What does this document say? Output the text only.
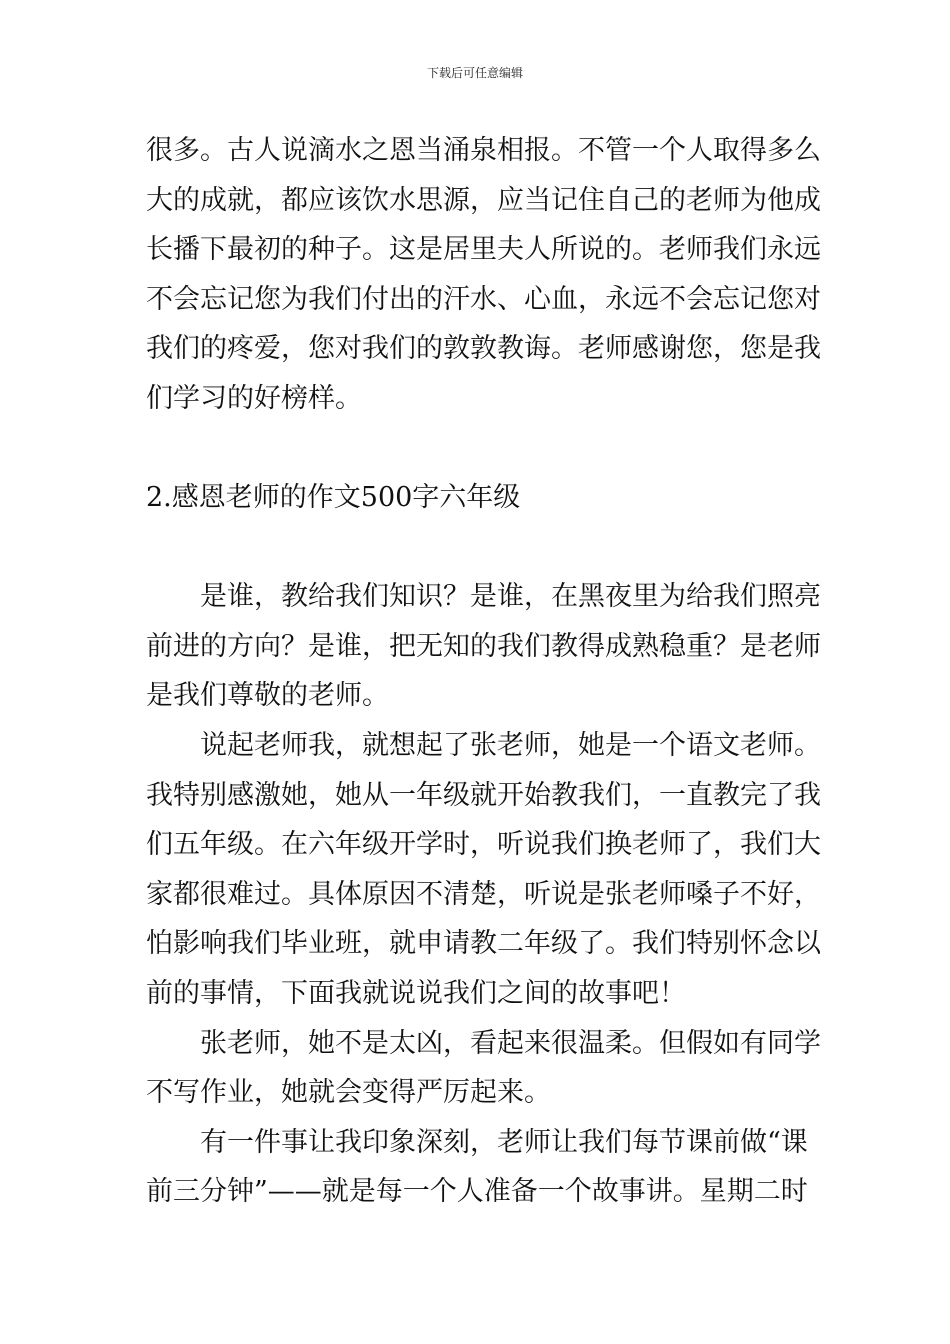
下载后可任意编辑
很多。古人说滴水之恩当涌泉相报。不管一个人取得多么
大的成就，都应该饮水思源，应当记住自己的老师为他成
长播下最初的种子。这是居里夫人所说的。老师我们永远
不会忘记您为我们付出的汗水、心血，永远不会忘记您对
我们的疼爱，您对我们的敦敦教诲。老师感谢您，您是我
们学习的好榜样。
2.感恩老师的作文500字六年级
是谁，教给我们知识？是谁，在黑夜里为给我们照亮
前进的方向？是谁，把无知的我们教得成熟稳重？是老师
是我们尊敬的老师。
说起老师我，就想起了张老师，她是一个语文老师。
我特别感激她，她从一年级就开始教我们，一直教完了我
们五年级。在六年级开学时，听说我们换老师了，我们大
家都很难过。具体原因不清楚，听说是张老师嗓子不好，
怕影响我们毕业班，就申请教二年级了。我们特别怀念以
前的事情，下面我就说说我们之间的故事吧！
张老师，她不是太凶，看起来很温柔。但假如有同学
不写作业，她就会变得严厉起来。
有一件事让我印象深刻，老师让我们每节课前做“课
前三分钟”——就是每一个人准备一个故事讲。星期二时
